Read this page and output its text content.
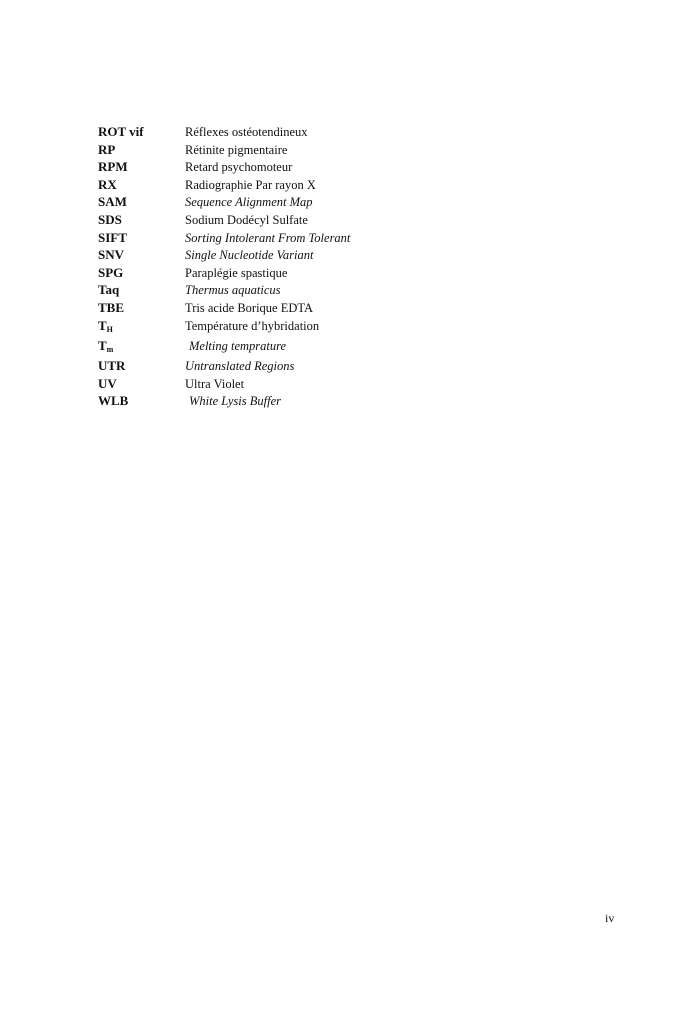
ROT vif	Réflexes ostéotendineux
RP	Rétinite pigmentaire
RPM	Retard psychomoteur
RX	Radiographie Par rayon X
SAM	Sequence Alignment Map
SDS	Sodium Dodécyl Sulfate
SIFT	Sorting Intolerant From Tolerant
SNV	Single Nucleotide Variant
SPG	Paraplégie spastique
Taq	Thermus aquaticus
TBE	Tris acide Borique EDTA
$T_H$	Température d’hybridation
$T_m$	Melting temprature
UTR	Untranslated Regions
UV	Ultra Violet
WLB	White Lysis Buffer
iv
